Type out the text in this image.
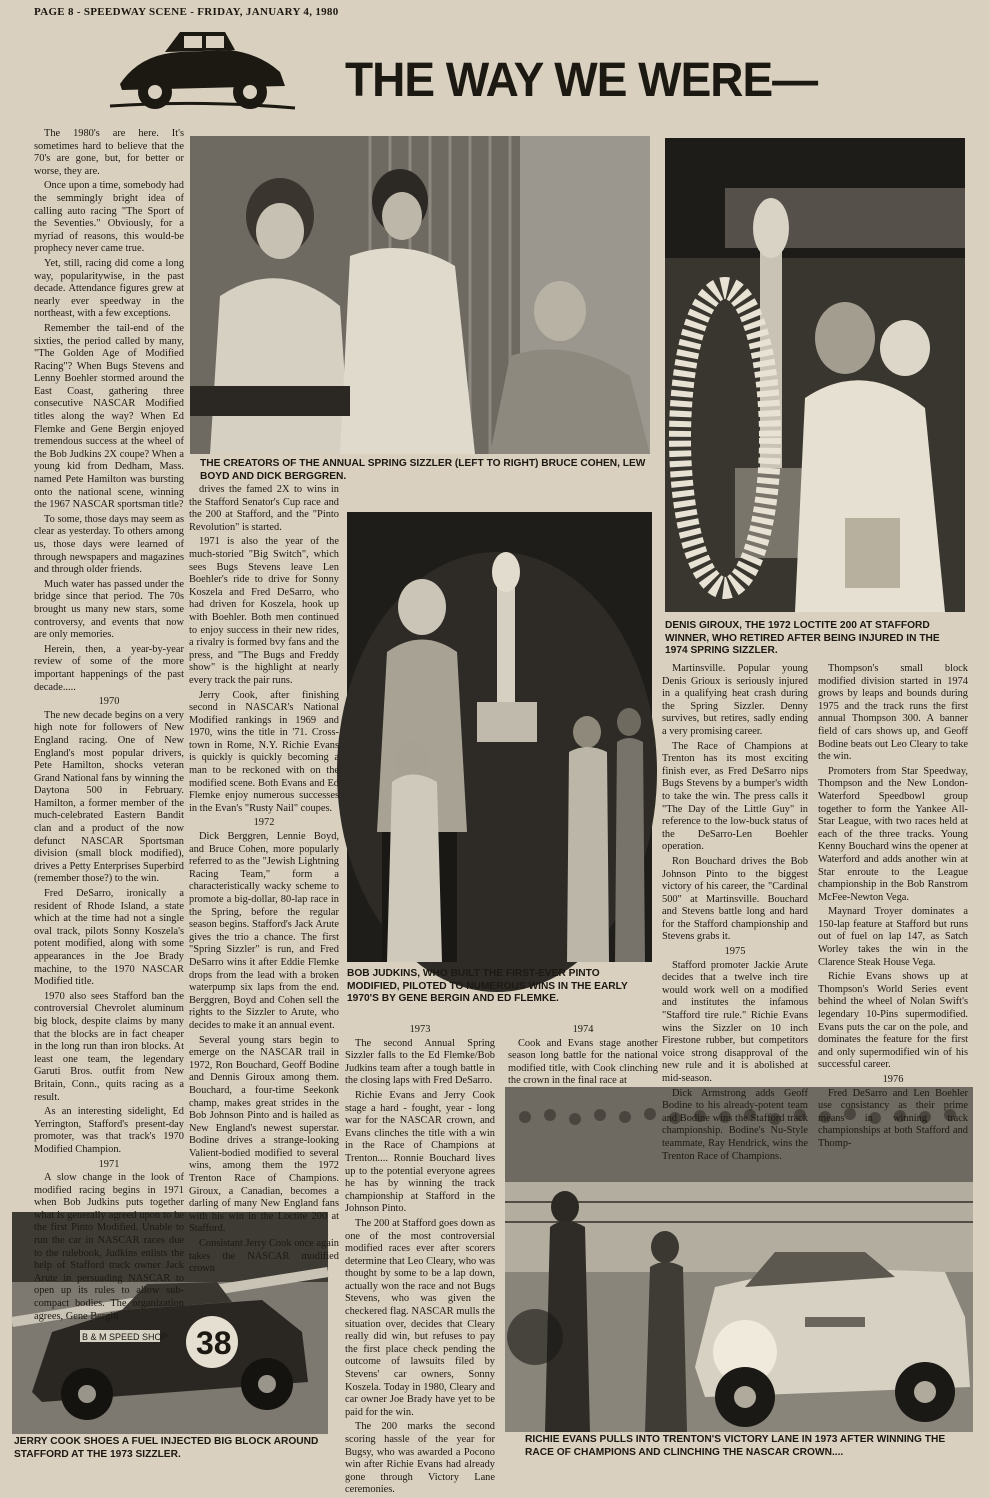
PAGE 8 - SPEEDWAY SCENE - FRIDAY, JANUARY 4, 1980
THE WAY WE WERE—
THE CREATORS OF THE ANNUAL SPRING SIZZLER (LEFT TO RIGHT) BRUCE COHEN, LEW BOYD AND DICK BERGGREN.
DENIS GIROUX, THE 1972 LOCTITE 200 AT STAFFORD WINNER, WHO RETIRED AFTER BEING INJURED IN THE 1974 SPRING SIZZLER.
BOB JUDKINS, WHO BUILT THE FIRST-EVER PINTO MODIFIED, PILOTED TO NUMEROUS WINS IN THE EARLY 1970'S BY GENE BERGIN AND ED FLEMKE.
B & M SPEED SHOP 38
JERRY COOK SHOES A FUEL INJECTED BIG BLOCK AROUND STAFFORD AT THE 1973 SIZZLER.
RICHIE EVANS PULLS INTO TRENTON'S VICTORY LANE IN 1973 AFTER WINNING THE RACE OF CHAMPIONS AND CLINCHING THE NASCAR CROWN....

The 1980's are here. It's sometimes hard to believe that the 70's are gone, but, for better or worse, they are.

Once upon a time, somebody had the semmingly bright idea of calling auto racing "The Sport of the Seventies." Obviously, for a myriad of reasons, this would-be prophecy never came true.

Yet, still, racing did come a long way, popularitywise, in the past decade. Attendance figures grew at nearly ever speedway in the northeast, with a few exceptions.

Remember the tail-end of the sixties, the period called by many, "The Golden Age of Modified Racing"? When Bugs Stevens and Lenny Boehler stormed around the East Coast, gathering three consecutive NASCAR Modified titles along the way? When Ed Flemke and Gene Bergin enjoyed tremendous success at the wheel of the Bob Judkins 2X coupe? When a young kid from Dedham, Mass. named Pete Hamilton was bursting onto the national scene, winning the 1967 NASCAR sportsman title?

To some, those days may seem as clear as yesterday. To others among us, those days were learned of through newspapers and magazines and through older friends.

Much water has passed under the bridge since that period. The 70s brought us many new stars, some controversy, and events that now are only memories.

Herein, then, a year-by-year review of some of the more important happenings of the past decade.....

1970

The new decade begins on a very high note for followers of New England racing. One of New England's most popular drivers, Pete Hamilton, shocks veteran Grand National fans by winning the Daytona 500 in February. Hamilton, a former member of the much-celebrated Eastern Bandit clan and a product of the now defunct NASCAR Sportsman division (small block modified), drives a Petty Enterprises Superbird (remember those?) to the win.

Fred DeSarro, ironically a resident of Rhode Island, a state which at the time had not a single oval track, pilots Sonny Koszela's potent modified, along with some appearances in the Joe Brady machine, to the 1970 NASCAR Modified title.

1970 also sees Stafford ban the controversial Chevrolet aluminum big block, despite claims by many that the blocks are in fact cheaper in the long run than iron blocks. At least one team, the legendary Garuti Bros. outfit from New Britain, Conn., quits racing as a result.

As an interesting sidelight, Ed Yerrington, Stafford's present-day promoter, was that track's 1970 Modified Champion.

1971

A slow change in the look of modified racing begins in 1971 when Bob Judkins puts together what is generally agreed upon to be the first Pinto Modified. Unable to run the car in NASCAR races due to the rulebook, Judkins enlists the help of Stafford track owner Jack Arute in persuading NASCAR to open up its rules to allow sub-compact bodies. The organization agrees, Gene Bergin

drives the famed 2X to wins in the Stafford Senator's Cup race and the 200 at Stafford, and the "Pinto Revolution" is started.

1971 is also the year of the much-storied "Big Switch", which sees Bugs Stevens leave Len Boehler's ride to drive for Sonny Koszela and Fred DeSarro, who had driven for Koszela, hook up with Boehler. Both men continued to enjoy success in their new rides, a rivalry is formed bvy fans and the press, and "The Bugs and Freddy show" is the highlight at nearly every track the pair runs.

Jerry Cook, after finishing second in NASCAR's National Modified rankings in 1969 and 1970, wins the title in '71. Cross-town in Rome, N.Y. Richie Evans is quickly is quickly becoming a man to be reckoned with on the modified scene. Both Evans and Ed Flemke enjoy numerous successes in the Evan's "Rusty Nail" coupes.

1972

Dick Berggren, Lennie Boyd, and Bruce Cohen, more popularly referred to as the "Jewish Lightning Racing Team," form a characteristically wacky scheme to promote a big-dollar, 80-lap race in the Spring, before the regular season begins. Stafford's Jack Arute gives the trio a chance. The first "Spring Sizzler" is run, and Fred DeSarro wins it after Eddie Flemke drops from the lead with a broken waterpump six laps from the end. Berggren, Boyd and Cohen sell the rights to the Sizzler to Arute, who decides to make it an annual event.

Several young stars begin to emerge on the NASCAR trail in 1972, Ron Bouchard, Geoff Bodine and Dennis Giroux among them. Bouchard, a four-time Seekonk champ, makes great strides in the Bob Johnson Pinto and is hailed as New England's newest superstar. Bodine drives a strange-looking Valient-bodied modified to several wins, among them the 1972 Trenton Race of Champions. Giroux, a Canadian, becomes a darling of many New England fans with his win in the Loctite 200 at Stafford.

Consistant Jerry Cook once again takes the NASCAR modified crown

1973

The second Annual Spring Sizzler falls to the Ed Flemke/Bob Judkins team after a tough battle in the closing laps with Fred DeSarro.

Richie Evans and Jerry Cook stage a hard - fought, year - long war for the NASCAR crown, and Evans clinches the title with a win in the Race of Champions at Trenton.... Ronnie Bouchard lives up to the potential everyone agrees he has by winning the track championship at Stafford in the Johnson Pinto.

The 200 at Stafford goes down as one of the most controversial modified races ever after scorers determine that Leo Cleary, who was thought by some to be a lap down, actually won the race and not Bugs Stevens, who was given the checkered flag. NASCAR mulls the situation over, decides that Cleary really did win, but refuses to pay the first place check pending the outcome of lawsuits filed by Stevens' car owners, Sonny Koszela. Today in 1980, Cleary and car owner Joe Brady have yet to be paid for the win.

The 200 marks the second scoring hassle of the year for Bugsy, who was awarded a Pocono win after Richie Evans had already gone through Victory Lane ceremonies.

1974

Cook and Evans stage another season long battle for the national modified title, with Cook clinching the crown in the final race at

Martinsville. Popular young Denis Grioux is seriously injured in a qualifying heat crash during the Spring Sizzler. Denny survives, but retires, sadly ending a very promising career.

The Race of Champions at Trenton has its most exciting finish ever, as Fred DeSarro nips Bugs Stevens by a bumper's width to take the win. The press calls it "The Day of the Little Guy" in reference to the low-buck status of the DeSarro-Len Boehler operation.

Ron Bouchard drives the Bob Johnson Pinto to the biggest victory of his career, the "Cardinal 500" at Martinsville. Bouchard and Stevens battle long and hard for the Stafford championship and Stevens grabs it.

1975

Stafford promoter Jackie Arute decides that a twelve inch tire would work well on a modified and institutes the infamous "Stafford tire rule." Richie Evans wins the Sizzler on 10 inch Firestone rubber, but competitors voice strong disapproval of the new rule and it is abolished at mid-season.

Dick Armstrong adds Geoff Bodine to his already-potent team and Bodine wins the Stafford track championship. Bodine's Nu-Style teammate, Ray Hendrick, wins the Trenton Race of Champions.

Thompson's small block modified division started in 1974 grows by leaps and bounds during 1975 and the track runs the first annual Thompson 300. A banner field of cars shows up, and Geoff Bodine beats out Leo Cleary to take the win.

Promoters from Star Speedway, Thompson and the New London-Waterford Speedbowl group together to form the Yankee All-Star League, with two races held at each of the three tracks. Young Kenny Bouchard wins the opener at Waterford and adds another win at Star enroute to the League championship in the Bob Ranstrom McFee-Newton Vega.

Maynard Troyer dominates a 150-lap feature at Stafford but runs out of fuel on lap 147, as Satch Worley takes the win in the Clarence Steak House Vega.

Richie Evans shows up at Thompson's World Series event behind the wheel of Nolan Swift's legendary 10-Pins supermodified. Evans puts the car on the pole, and dominates the feature for the first and only supermodified win of his successful career.

1976

Fred DeSarro and Len Boehler use consistancy as their prime means in winning track championships at both Stafford and Thomp-
